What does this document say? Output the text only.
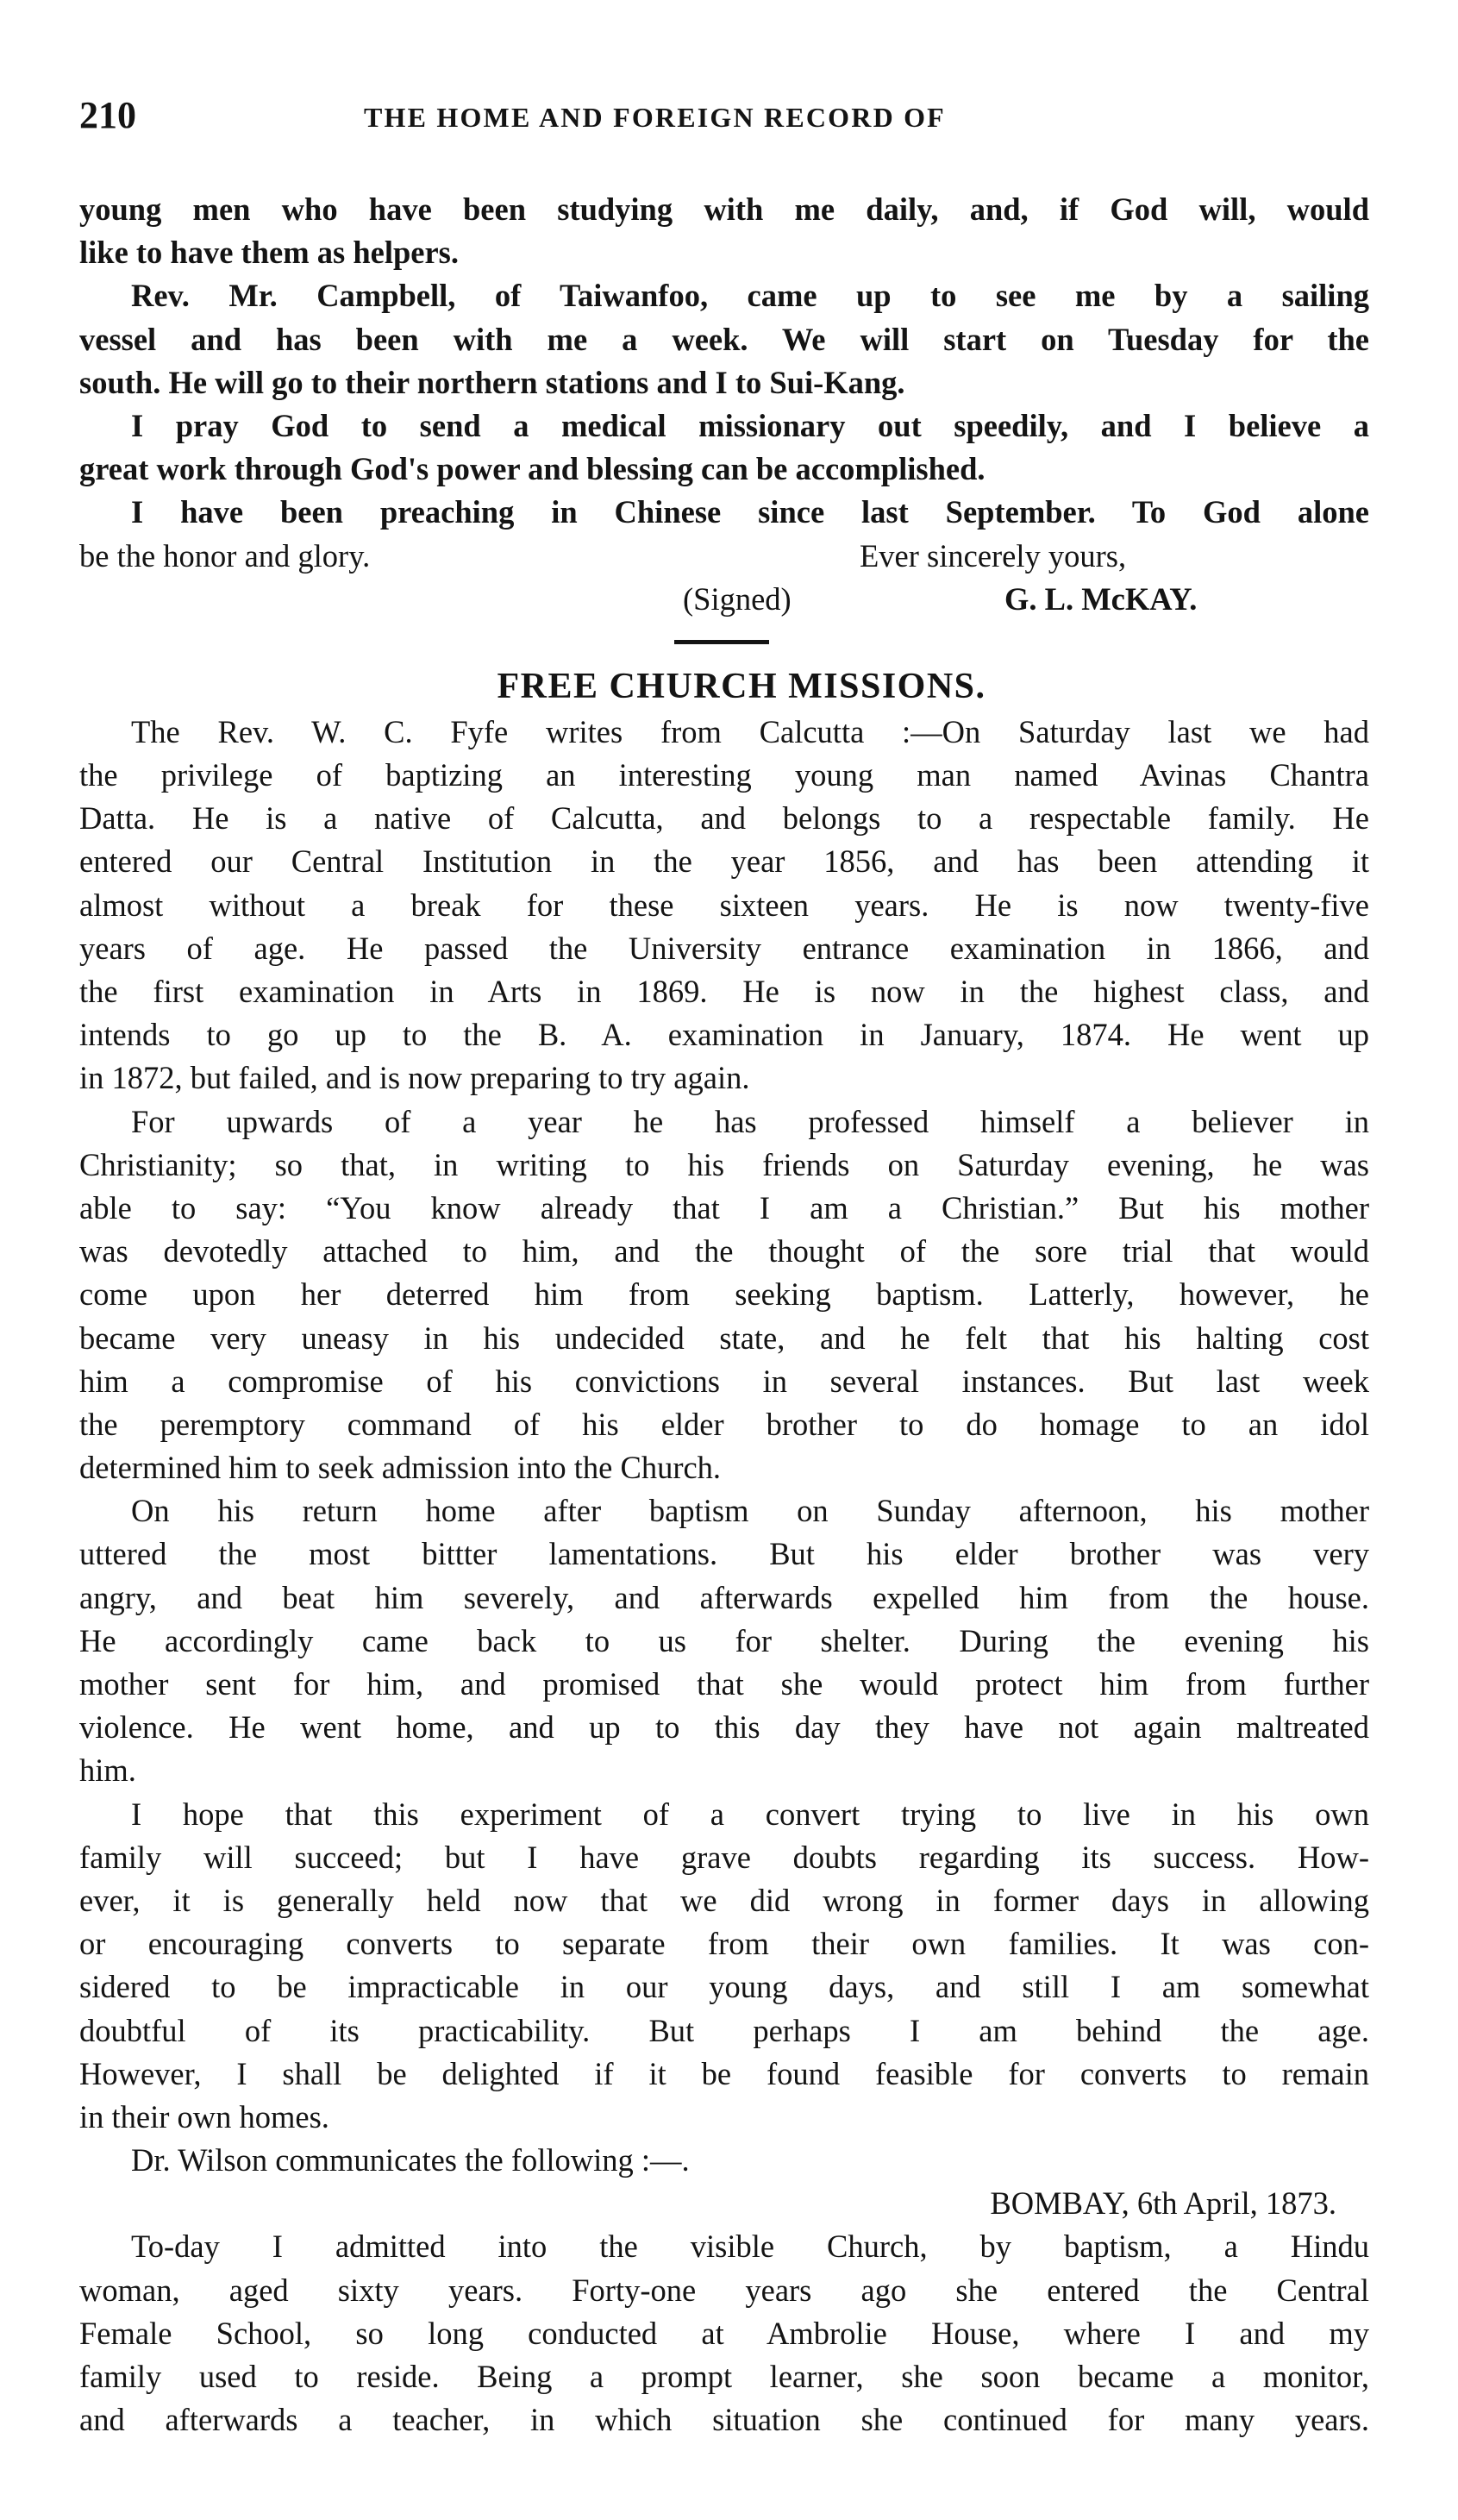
210	THE HOME AND FOREIGN RECORD OF
young men who have been studying with me daily, and, if God will, would
like to have them as helpers.
Rev. Mr. Campbell, of Taiwanfoo, came up to see me by a sailing
vessel and has been with me a week. We will start on Tuesday for the
south. He will go to their northern stations and I to Sui-Kang.
I pray God to send a medical missionary out speedily, and I believe a
great work through God's power and blessing can be accomplished.
I have been preaching in Chinese since last September. To God alone
be the honor and glory.	Ever sincerely yours,
(Signed)	G. L. McKAY.
FREE CHURCH MISSIONS.
The Rev. W. C. Fyfe writes from Calcutta :—On Saturday last we had
the privilege of baptizing an interesting young man named Avinas Chantra
Datta. He is a native of Calcutta, and belongs to a respectable family. He
entered our Central Institution in the year 1856, and has been attending it
almost without a break for these sixteen years. He is now twenty-five
years of age. He passed the University entrance examination in 1866, and
the first examination in Arts in 1869. He is now in the highest class, and
intends to go up to the B. A. examination in January, 1874. He went up
in 1872, but failed, and is now preparing to try again.
For upwards of a year he has professed himself a believer in
Christianity; so that, in writing to his friends on Saturday evening, he was
able to say: “You know already that I am a Christian.” But his mother
was devotedly attached to him, and the thought of the sore trial that would
come upon her deterred him from seeking baptism. Latterly, however, he
became very uneasy in his undecided state, and he felt that his halting cost
him a compromise of his convictions in several instances. But last week
the peremptory command of his elder brother to do homage to an idol
determined him to seek admission into the Church.
On his return home after baptism on Sunday afternoon, his mother
uttered the most bittter lamentations. But his elder brother was very
angry, and beat him severely, and afterwards expelled him from the house.
He accordingly came back to us for shelter. During the evening his
mother sent for him, and promised that she would protect him from further
violence. He went home, and up to this day they have not again maltreated
him.
I hope that this experiment of a convert trying to live in his own
family will succeed; but I have grave doubts regarding its success. How-
ever, it is generally held now that we did wrong in former days in allowing
or encouraging converts to separate from their own families. It was con-
sidered to be impracticable in our young days, and still I am somewhat
doubtful of its practicability. But perhaps I am behind the age.
However, I shall be delighted if it be found feasible for converts to remain
in their own homes.
Dr. Wilson communicates the following :—.
BOMBAY, 6th April, 1873.
To-day I admitted into the visible Church, by baptism, a Hindu
woman, aged sixty years. Forty-one years ago she entered the Central
Female School, so long conducted at Ambrolie House, where I and my
family used to reside. Being a prompt learner, she soon became a monitor,
and afterwards a teacher, in which situation she continued for many years.
